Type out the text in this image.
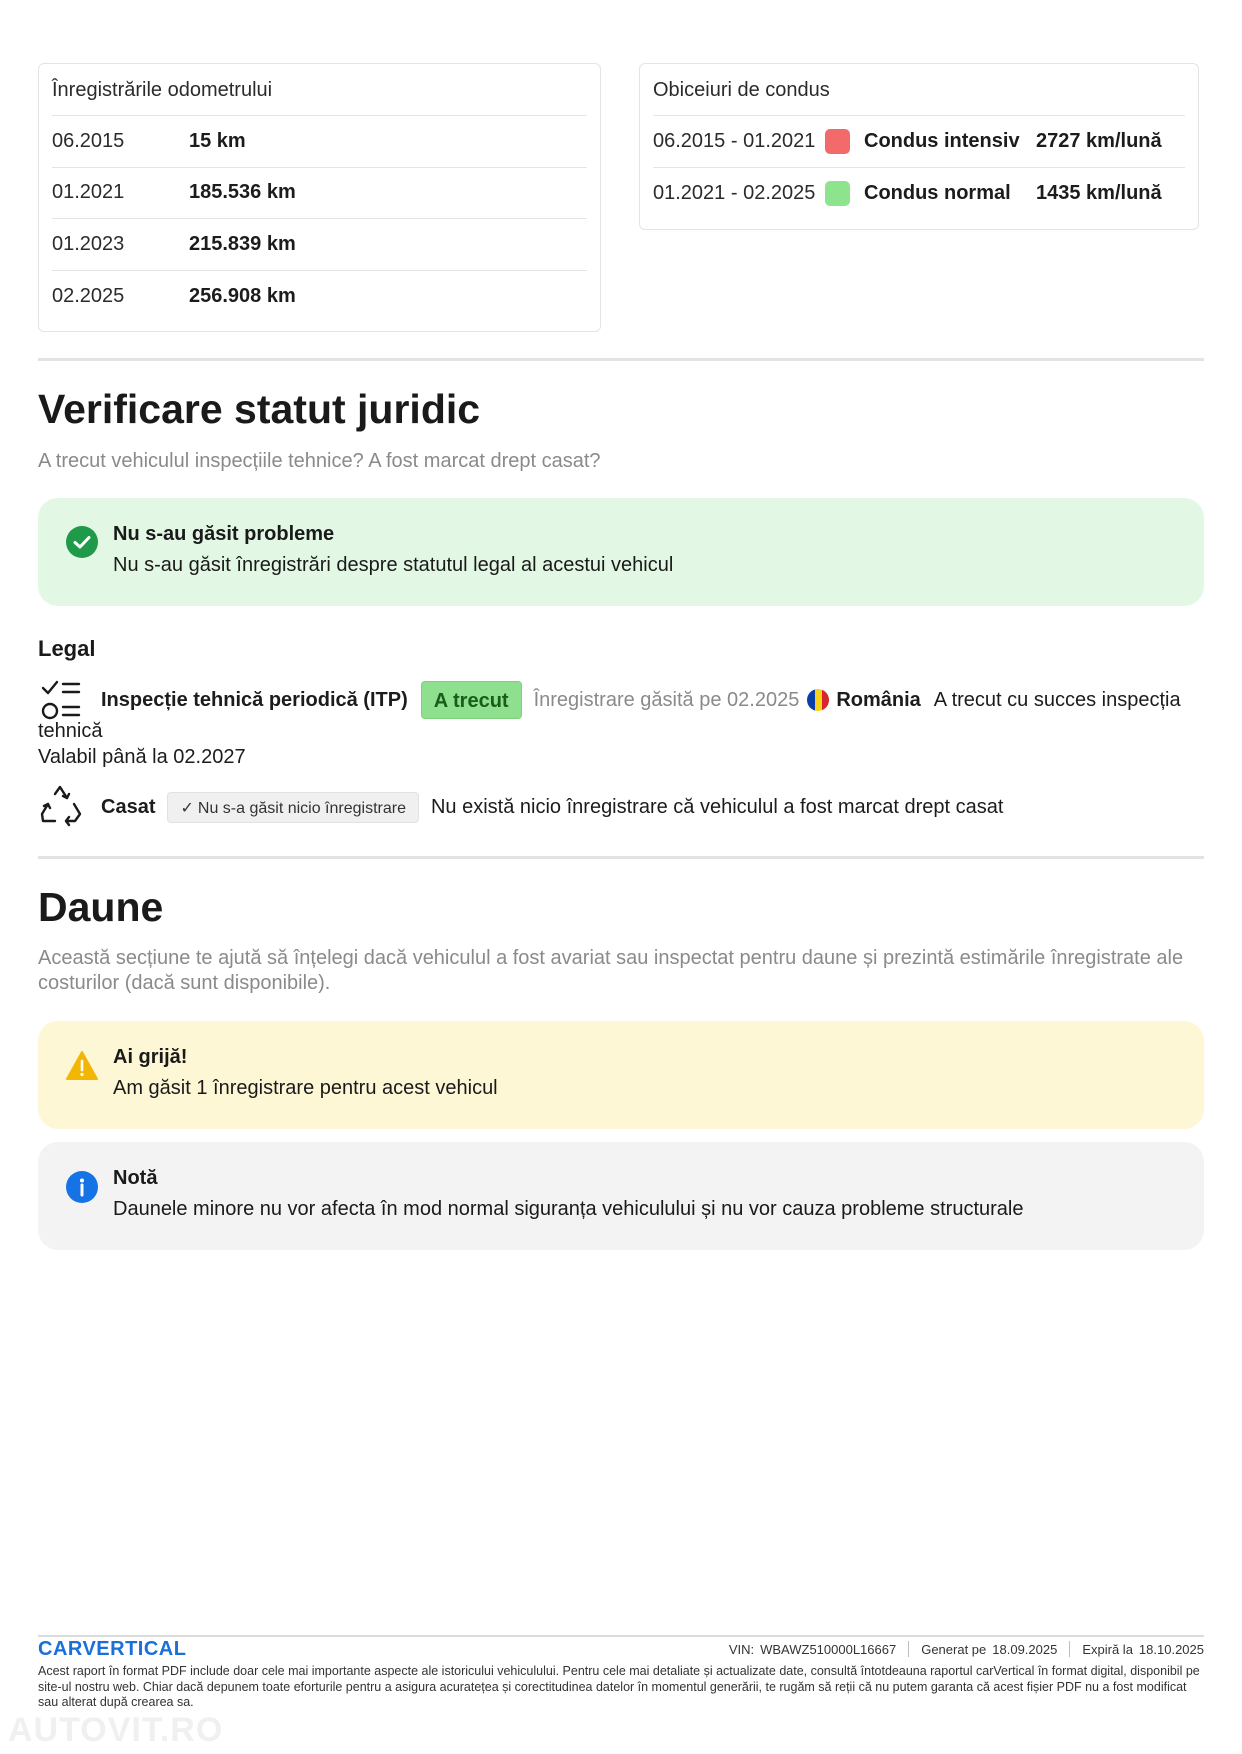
Înregistrările odometrului
06.2015	15 km
01.2021	185.536 km
01.2023	215.839 km
02.2025	256.908 km
Obiceiuri de condus
06.2015 - 01.2021	Condus intensiv 2727 km/lună
01.2021 - 02.2025	Condus normal	1435 km/lună
Verificare statut juridic
A trecut vehiculul inspecțiile tehnice? A fost marcat drept casat?
Nu s-au găsit probleme
Nu s-au găsit înregistrări despre statutul legal al acestui vehicul
Legal
Inspecție tehnică periodică (ITP)	A trecut	Înregistrare găsită pe 02.2025 România A trecut cu succes inspecția
tehnică
Valabil până la 02.2027
Casat	✓ Nu s-a găsit nicio înregistrare	Nu există nicio înregistrare că vehiculul a fost marcat drept casat
Daune
Această secțiune te ajută să înțelegi dacă vehiculul a fost avariat sau inspectat pentru daune și prezintă estimările înregistrate ale costurilor (dacă sunt disponibile).
Ai grijă!
Am găsit 1 înregistrare pentru acest vehicul
Notă
Daunele minore nu vor afecta în mod normal siguranța vehiculului și nu vor cauza probleme structurale
CARVERTICAL	VIN: WBAWZ510000L16667 Generat pe 18.09.2025 Expiră la 18.10.2025
Acest raport în format PDF include doar cele mai importante aspecte ale istoricului vehiculului. Pentru cele mai detaliate și actualizate date, consultă întotdeauna raportul carVertical în format digital, disponibil pe site-ul nostru web. Chiar dacă depunem toate eforturile pentru a asigura acuratețea și corectitudinea datelor în momentul generării, te rugăm să reții că nu putem garanta că acest fișier PDF nu a fost modificat sau alterat după crearea sa.
AUTOVIT.RO
